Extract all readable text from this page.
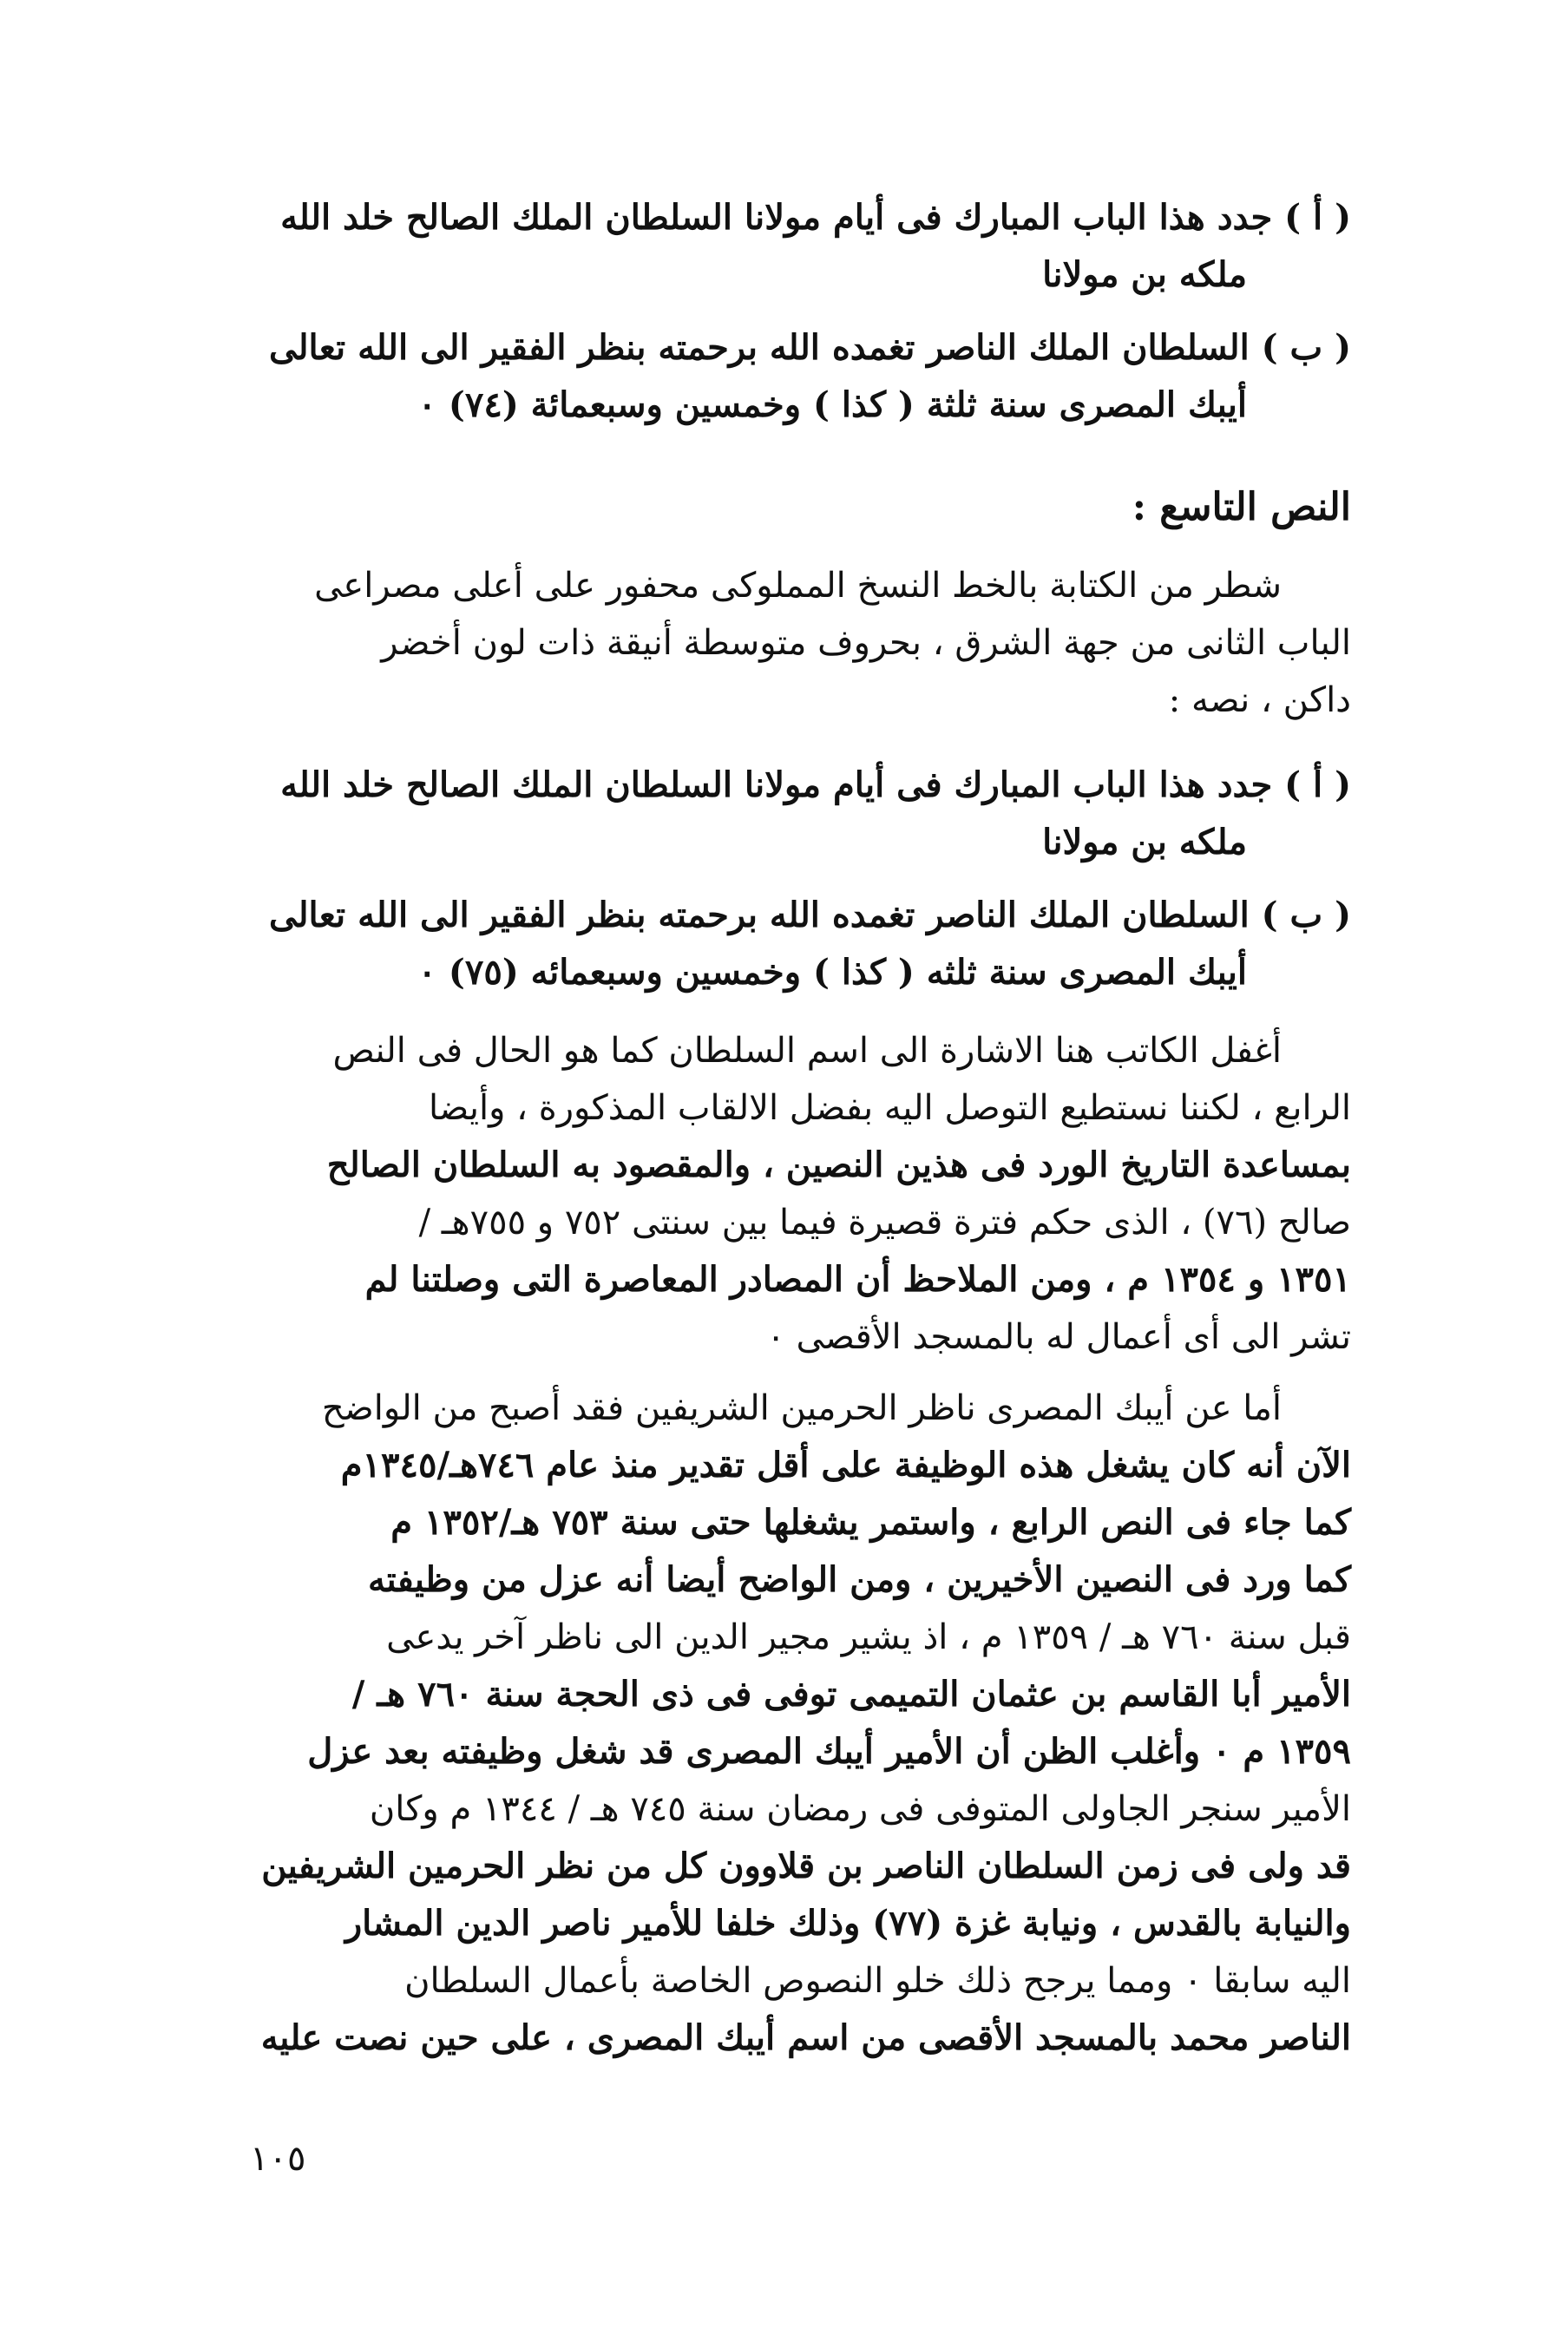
( أ ) جدد هذا الباب المبارك فى أيام مولانا السلطان الملك الصالح خلد الله
ملكه بن مولانا
( ب ) السلطان الملك الناصر تغمده الله برحمته بنظر الفقير الى الله تعالى
أيبك المصرى سنة ثلثة ( كذا ) وخمسين وسبعمائة (٧٤) ٠
النص التاسع :
شطر من الكتابة بالخط النسخ المملوكى محفور على أعلى مصراعى
الباب الثانى من جهة الشرق ، بحروف متوسطة أنيقة ذات لون أخضر
داكن ، نصه :
( أ ) جدد هذا الباب المبارك فى أيام مولانا السلطان الملك الصالح خلد الله
ملكه بن مولانا
( ب ) السلطان الملك الناصر تغمده الله برحمته بنظر الفقير الى الله تعالى
أيبك المصرى سنة ثلثه ( كذا ) وخمسين وسبعمائه (٧٥) ٠
أغفل الكاتب هنا الاشارة الى اسم السلطان كما هو الحال فى النص
الرابع ، لكننا نستطيع التوصل اليه بفضل الالقاب المذكورة ، وأيضا
بمساعدة التاريخ الورد فى هذين النصين ، والمقصود به السلطان الصالح
صالح (٧٦) ، الذى حكم فترة قصيرة فيما بين سنتى ٧٥٢ و ٧٥٥هـ /
١٣٥١ و ١٣٥٤ م ، ومن الملاحظ أن المصادر المعاصرة التى وصلتنا لم
تشر الى أى أعمال له بالمسجد الأقصى ٠
أما عن أيبك المصرى ناظر الحرمين الشريفين فقد أصبح من الواضح
الآن أنه كان يشغل هذه الوظيفة على أقل تقدير منذ عام ٧٤٦هـ/١٣٤٥م
كما جاء فى النص الرابع ، واستمر يشغلها حتى سنة ٧٥٣ هـ/١٣٥٢ م
كما ورد فى النصين الأخيرين ، ومن الواضح أيضا أنه عزل من وظيفته
قبل سنة ٧٦٠ هـ / ١٣٥٩ م ، اذ يشير مجير الدين الى ناظر آخر يدعى
الأمير أبا القاسم بن عثمان التميمى توفى فى ذى الحجة سنة ٧٦٠ هـ /
١٣٥٩ م ٠ وأغلب الظن أن الأمير أيبك المصرى قد شغل وظيفته بعد عزل
الأمير سنجر الجاولى المتوفى فى رمضان سنة ٧٤٥ هـ / ١٣٤٤ م وكان
قد ولى فى زمن السلطان الناصر بن قلاوون كل من نظر الحرمين الشريفين
والنيابة بالقدس ، ونيابة غزة (٧٧) وذلك خلفا للأمير ناصر الدين المشار
اليه سابقا ٠ ومما يرجح ذلك خلو النصوص الخاصة بأعمال السلطان
الناصر محمد بالمسجد الأقصى من اسم أيبك المصرى ، على حين نصت عليه
١٠٥
